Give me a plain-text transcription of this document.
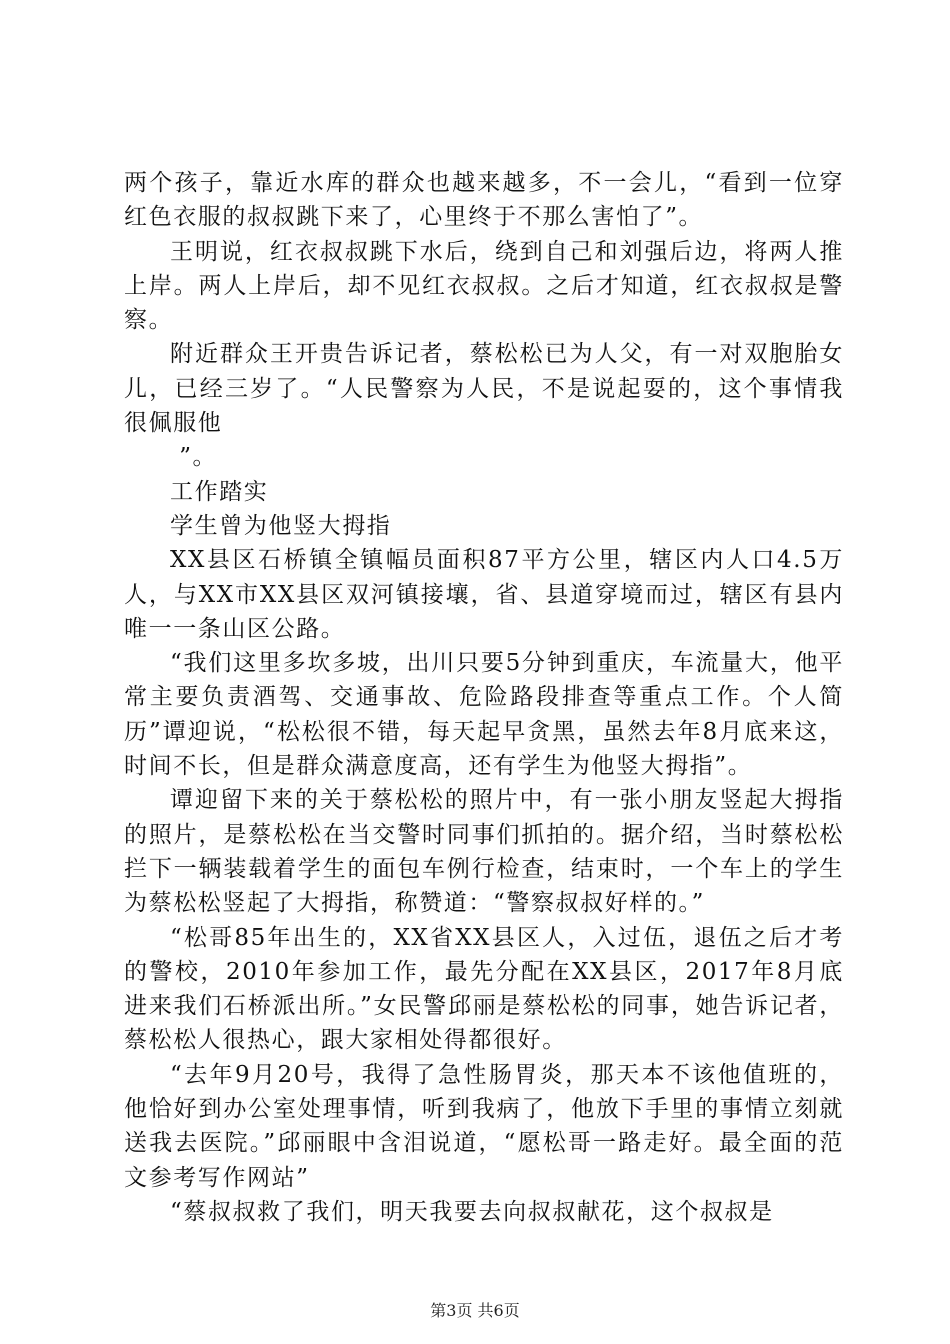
两个孩子，靠近水库的群众也越来越多，不一会儿，“看到一位穿红色衣服的叔叔跳下来了，心里终于不那么害怕了”。

王明说，红衣叔叔跳下水后，绕到自己和刘强后边，将两人推上岸。两人上岸后，却不见红衣叔叔。之后才知道，红衣叔叔是警察。

附近群众王开贵告诉记者，蔡松松已为人父，有一对双胞胎女儿，已经三岁了。“人民警察为人民，不是说起耍的，这个事情我很佩服他

”。

工作踏实

学生曾为他竖大拇指

XX县区石桥镇全镇幅员面积87平方公里，辖区内人口4.5万人，与XX市XX县区双河镇接壤，省、县道穿境而过，辖区有县内唯一一条山区公路。

“我们这里多坎多坡，出川只要5分钟到重庆，车流量大，他平常主要负责酒驾、交通事故、危险路段排查等重点工作。个人简历”谭迎说，“松松很不错，每天起早贪黑，虽然去年8月底来这，时间不长，但是群众满意度高，还有学生为他竖大拇指”。

谭迎留下来的关于蔡松松的照片中，有一张小朋友竖起大拇指的照片，是蔡松松在当交警时同事们抓拍的。据介绍，当时蔡松松拦下一辆装载着学生的面包车例行检查，结束时，一个车上的学生为蔡松松竖起了大拇指，称赞道：“警察叔叔好样的。”

“松哥85年出生的，XX省XX县区人，入过伍，退伍之后才考的警校，2010年参加工作，最先分配在XX县区，2017年8月底进来我们石桥派出所。”女民警邱丽是蔡松松的同事，她告诉记者，蔡松松人很热心，跟大家相处得都很好。

“去年9月20号，我得了急性肠胃炎，那天本不该他值班的，他恰好到办公室处理事情，听到我病了，他放下手里的事情立刻就送我去医院。”邱丽眼中含泪说道，“愿松哥一路走好。最全面的范文参考写作网站”

“蔡叔叔救了我们，明天我要去向叔叔献花，这个叔叔是

第3页 共6页
